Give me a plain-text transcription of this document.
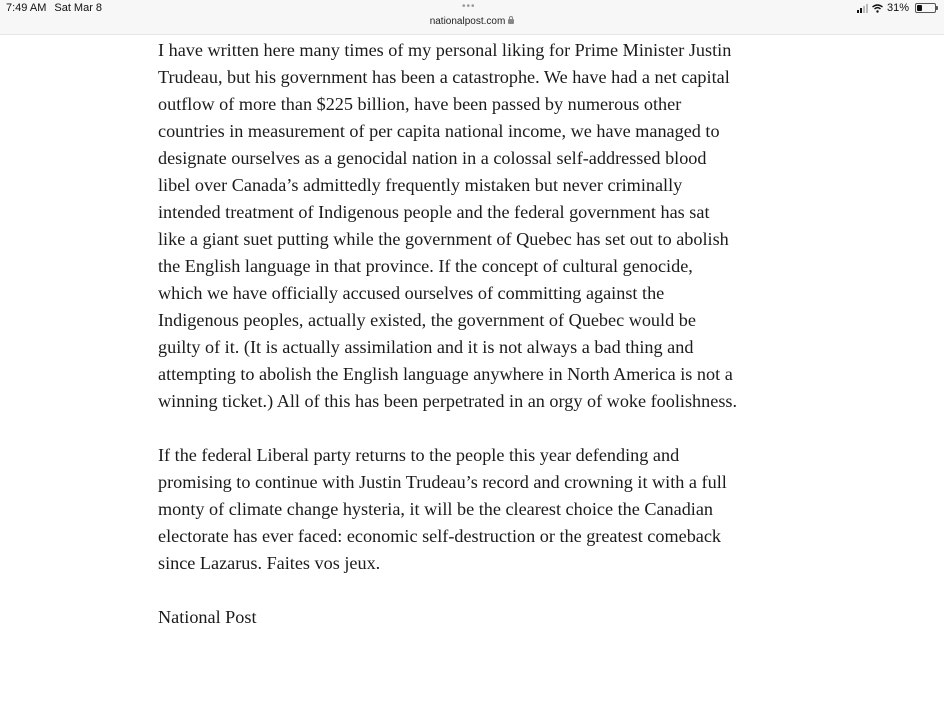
7:49 AM Sat Mar 8	•••
nationalpost.com
31%

I have written here many times of my personal liking for Prime Minister Justin Trudeau, but his government has been a catastrophe. We have had a net capital outflow of more than $225 billion, have been passed by numerous other countries in measurement of per capita national income, we have managed to designate ourselves as a genocidal nation in a colossal self-addressed blood libel over Canada’s admittedly frequently mistaken but never criminally intended treatment of Indigenous people and the federal government has sat like a giant suet putting while the government of Quebec has set out to abolish the English language in that province. If the concept of cultural genocide, which we have officially accused ourselves of committing against the Indigenous peoples, actually existed, the government of Quebec would be guilty of it. (It is actually assimilation and it is not always a bad thing and attempting to abolish the English language anywhere in North America is not a winning ticket.) All of this has been perpetrated in an orgy of woke foolishness.

If the federal Liberal party returns to the people this year defending and promising to continue with Justin Trudeau’s record and crowning it with a full monty of climate change hysteria, it will be the clearest choice the Canadian electorate has ever faced: economic self-destruction or the greatest comeback since Lazarus. Faites vos jeux.

National Post
